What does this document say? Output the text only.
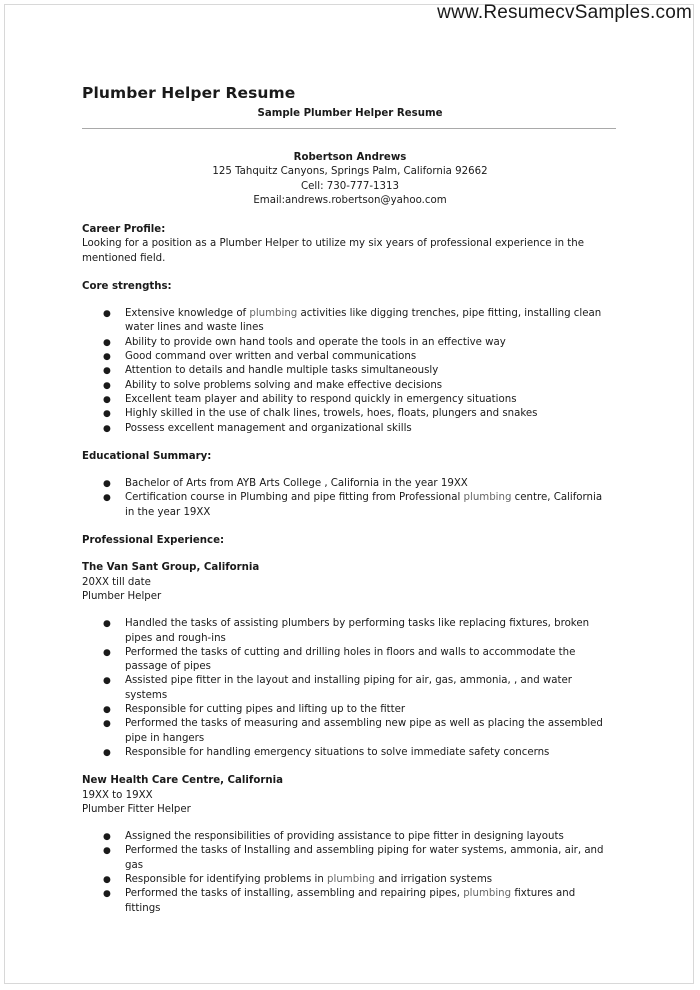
www.ResumecvSamples.com
Plumber Helper Resume
Sample Plumber Helper Resume
Robertson Andrews
125 Tahquitz Canyons, Springs Palm, California 92662
Cell: 730-777-1313
Email:andrews.robertson@yahoo.com
Career Profile:
Looking for a position as a Plumber Helper to utilize my six years of professional experience in the mentioned field.
Core strengths:
● Extensive knowledge of plumbing activities like digging trenches, pipe fitting, installing clean water lines and waste lines
● Ability to provide own hand tools and operate the tools in an effective way
● Good command over written and verbal communications
● Attention to details and handle multiple tasks simultaneously
● Ability to solve problems solving and make effective decisions
● Excellent team player and ability to respond quickly in emergency situations
● Highly skilled in the use of chalk lines, trowels, hoes, floats, plungers and snakes
● Possess excellent management and organizational skills
Educational Summary:
● Bachelor of Arts from AYB Arts College , California in the year 19XX
● Certification course in Plumbing and pipe fitting from Professional plumbing centre, California in the year 19XX
Professional Experience:
The Van Sant Group, California
20XX till date
Plumber Helper
● Handled the tasks of assisting plumbers by performing tasks like replacing fixtures, broken pipes and rough-ins
● Performed the tasks of cutting and drilling holes in floors and walls to accommodate the passage of pipes
● Assisted pipe fitter in the layout and installing piping for air, gas, ammonia, , and water systems
● Responsible for cutting pipes and lifting up to the fitter
● Performed the tasks of measuring and assembling new pipe as well as placing the assembled pipe in hangers
● Responsible for handling emergency situations to solve immediate safety concerns
New Health Care Centre, California
19XX to 19XX
Plumber Fitter Helper
● Assigned the responsibilities of providing assistance to pipe fitter in designing layouts
● Performed the tasks of Installing and assembling piping for water systems, ammonia, air, and gas
● Responsible for identifying problems in plumbing and irrigation systems
● Performed the tasks of installing, assembling and repairing pipes, plumbing fixtures and fittings
